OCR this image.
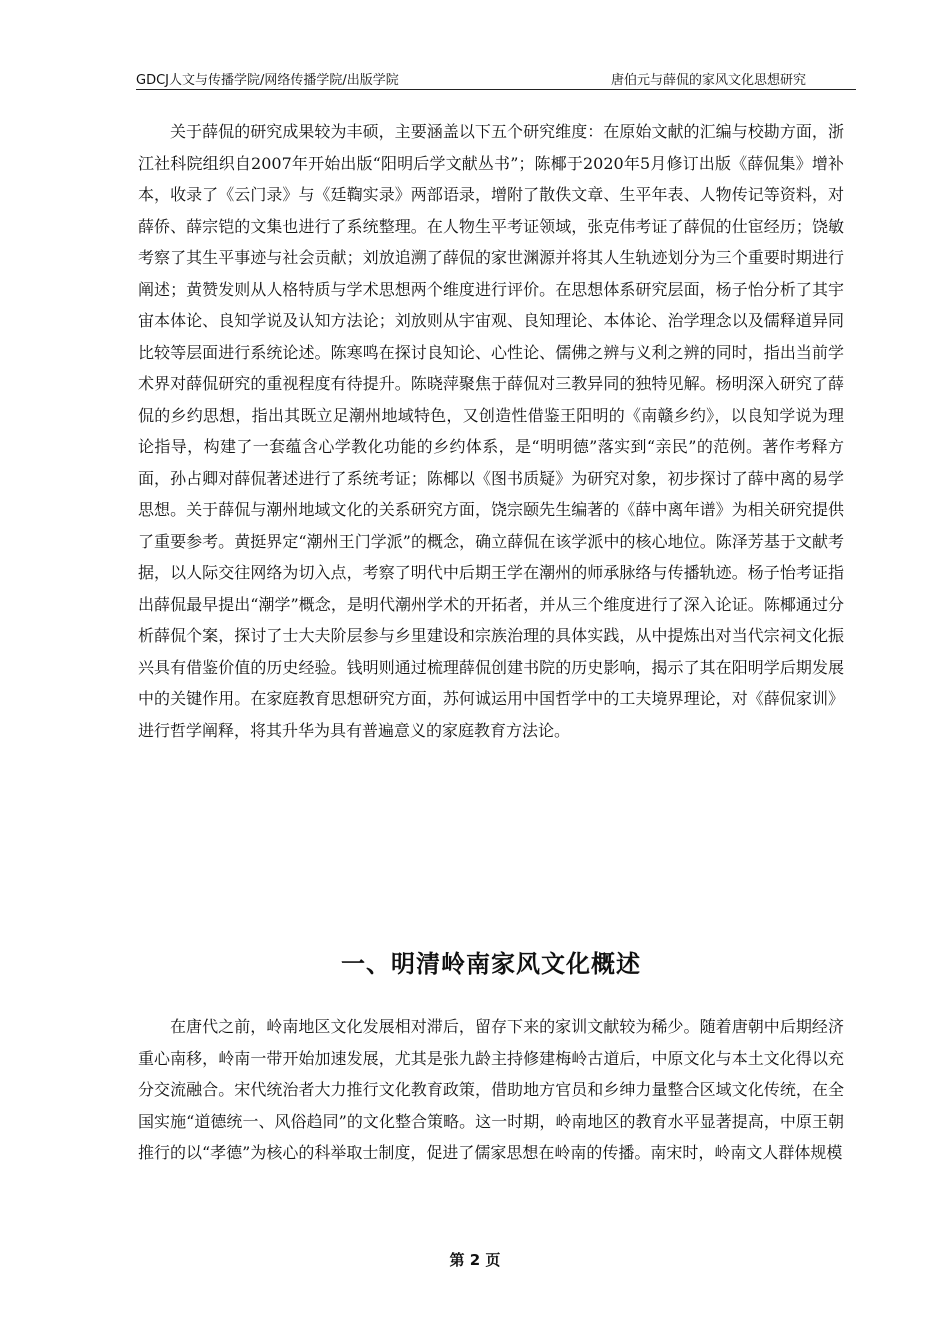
GDCJ人文与传播学院/网络传播学院/出版学院	唐伯元与薛侃的家风文化思想研究

关于薛侃的研究成果较为丰硕，主要涵盖以下五个研究维度：在原始文献的汇编与校勘方面，浙江社科院组织自2007年开始出版“阳明后学文献丛书”；陈椰于2020年5月修订出版《薛侃集》增补本，收录了《云门录》与《廷鞫实录》两部语录，增附了散佚文章、生平年表、人物传记等资料，对薛侨、薛宗铠的文集也进行了系统整理。在人物生平考证领域，张克伟考证了薛侃的仕宦经历；饶敏考察了其生平事迹与社会贡献；刘放追溯了薛侃的家世渊源并将其人生轨迹划分为三个重要时期进行阐述；黄赞发则从人格特质与学术思想两个维度进行评价。在思想体系研究层面，杨子怡分析了其宇宙本体论、良知学说及认知方法论；刘放则从宇宙观、良知理论、本体论、治学理念以及儒释道异同比较等层面进行系统论述。陈寒鸣在探讨良知论、心性论、儒佛之辨与义利之辨的同时，指出当前学术界对薛侃研究的重视程度有待提升。陈晓萍聚焦于薛侃对三教异同的独特见解。杨明深入研究了薛侃的乡约思想，指出其既立足潮州地域特色，又创造性借鉴王阳明的《南赣乡约》，以良知学说为理论指导，构建了一套蕴含心学教化功能的乡约体系，是“明明德”落实到“亲民”的范例。著作考释方面，孙占卿对薛侃著述进行了系统考证；陈椰以《图书质疑》为研究对象，初步探讨了薛中离的易学思想。关于薛侃与潮州地域文化的关系研究方面，饶宗颐先生编著的《薛中离年谱》为相关研究提供了重要参考。黄挺界定“潮州王门学派”的概念，确立薛侃在该学派中的核心地位。陈泽芳基于文献考据，以人际交往网络为切入点，考察了明代中后期王学在潮州的师承脉络与传播轨迹。杨子怡考证指出薛侃最早提出“潮学”概念，是明代潮州学术的开拓者，并从三个维度进行了深入论证。陈椰通过分析薛侃个案，探讨了士大夫阶层参与乡里建设和宗族治理的具体实践，从中提炼出对当代宗祠文化振兴具有借鉴价值的历史经验。钱明则通过梳理薛侃创建书院的历史影响，揭示了其在阳明学后期发展中的关键作用。在家庭教育思想研究方面，苏何诚运用中国哲学中的工夫境界理论，对《薛侃家训》进行哲学阐释，将其升华为具有普遍意义的家庭教育方法论。

一、明清岭南家风文化概述

在唐代之前，岭南地区文化发展相对滞后，留存下来的家训文献较为稀少。随着唐朝中后期经济重心南移，岭南一带开始加速发展，尤其是张九龄主持修建梅岭古道后，中原文化与本土文化得以充分交流融合。宋代统治者大力推行文化教育政策，借助地方官员和乡绅力量整合区域文化传统，在全国实施“道德统一、风俗趋同”的文化整合策略。这一时期，岭南地区的教育水平显著提高，中原王朝推行的以“孝德”为核心的科举取士制度，促进了儒家思想在岭南的传播。南宋时，岭南文人群体规模

第 2 页
